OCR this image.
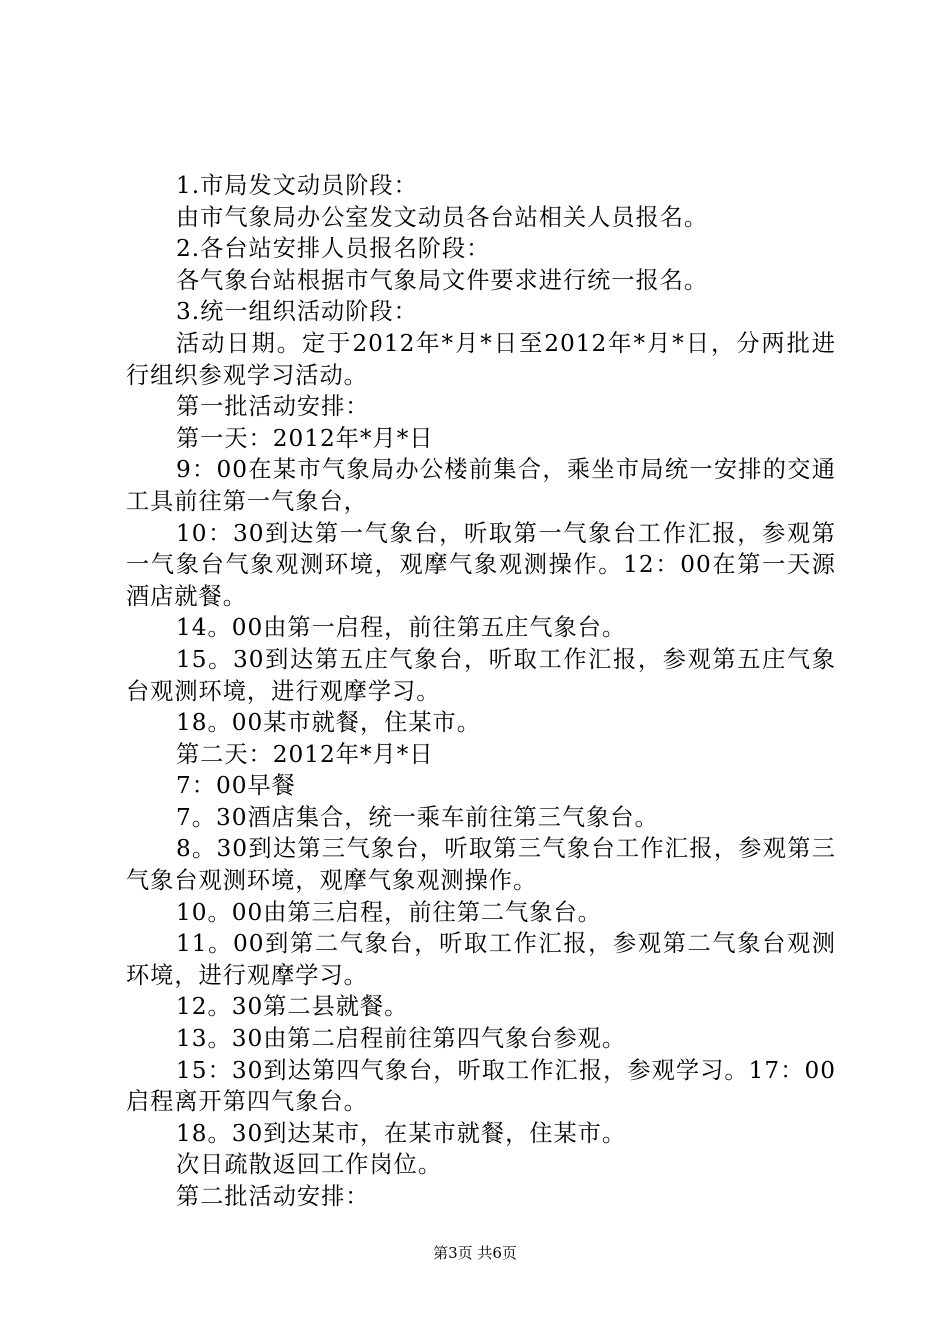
1.市局发文动员阶段：

由市气象局办公室发文动员各台站相关人员报名。

2.各台站安排人员报名阶段：

各气象台站根据市气象局文件要求进行统一报名。

3.统一组织活动阶段：

活动日期。定于2012年*月*日至2012年*月*日，分两批进行组织参观学习活动。

第一批活动安排：

第一天：2012年*月*日

9：00在某市气象局办公楼前集合，乘坐市局统一安排的交通工具前往第一气象台，

10：30到达第一气象台，听取第一气象台工作汇报，参观第一气象台气象观测环境，观摩气象观测操作。12：00在第一天源酒店就餐。

14。00由第一启程，前往第五庄气象台。

15。30到达第五庄气象台，听取工作汇报，参观第五庄气象台观测环境，进行观摩学习。

18。00某市就餐，住某市。

第二天：2012年*月*日

7：00早餐

7。30酒店集合，统一乘车前往第三气象台。

8。30到达第三气象台，听取第三气象台工作汇报，参观第三气象台观测环境，观摩气象观测操作。

10。00由第三启程，前往第二气象台。

11。00到第二气象台，听取工作汇报，参观第二气象台观测环境，进行观摩学习。

12。30第二县就餐。

13。30由第二启程前往第四气象台参观。

15：30到达第四气象台，听取工作汇报，参观学习。17：00启程离开第四气象台。

18。30到达某市，在某市就餐，住某市。

次日疏散返回工作岗位。

第二批活动安排：

第3页 共6页
